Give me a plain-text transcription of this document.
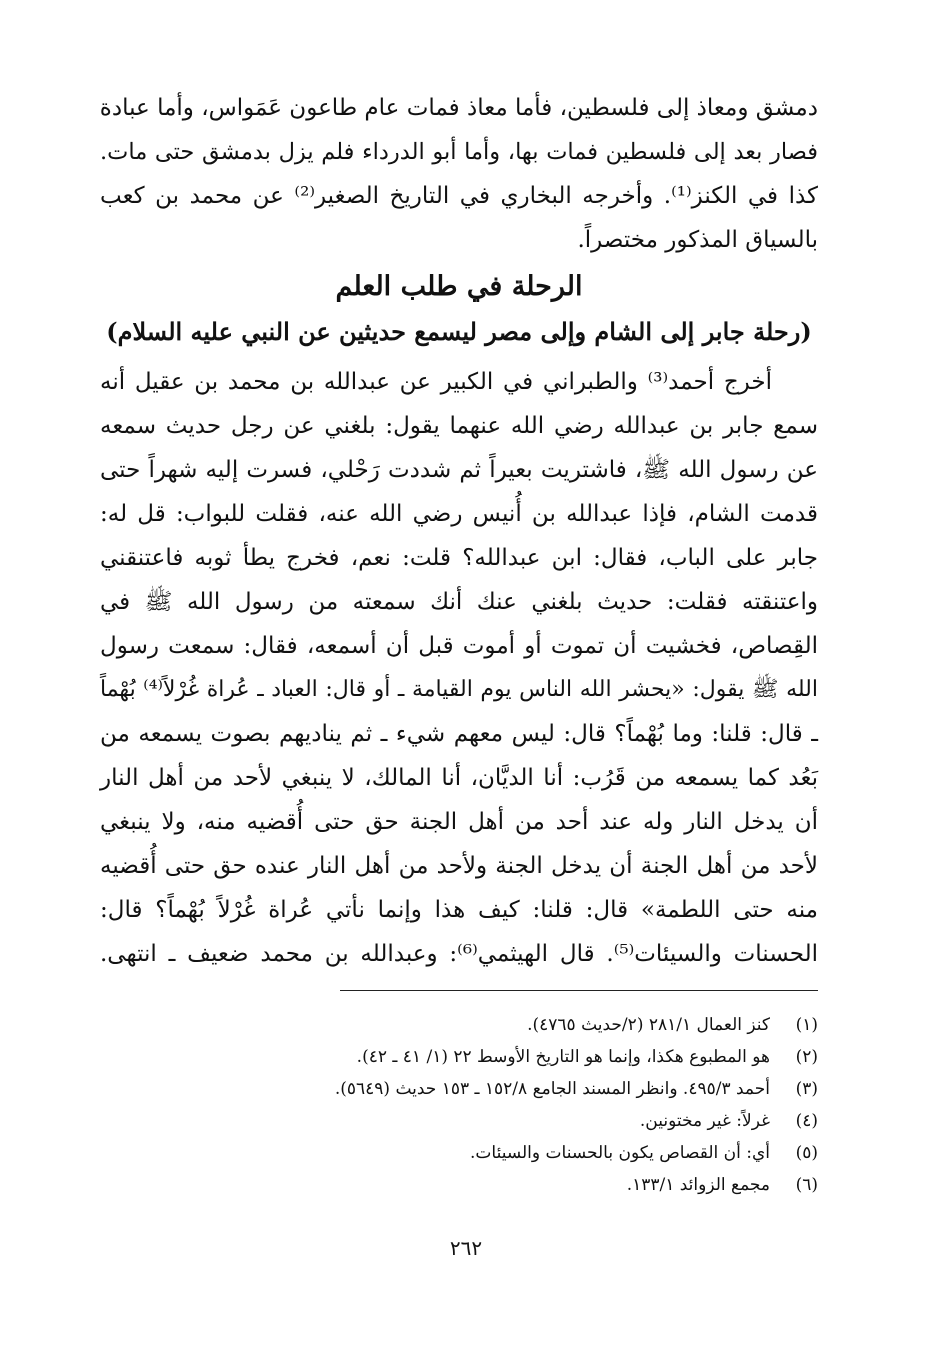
دمشق ومعاذ إلى فلسطين، فأما معاذ فمات عام طاعون عَمَواس، وأما عبادة
فصار بعد إلى فلسطين فمات بها، وأما أبو الدرداء فلم يزل بدمشق حتى مات.
كذا في الكنز⁽¹⁾. وأخرجه البخاري في التاريخ الصغير⁽²⁾ عن محمد بن كعب
بالسياق المذكور مختصراً.

الرحلة في طلب العلم
(رحلة جابر إلى الشام وإلى مصر ليسمع حديثين عن النبي عليه السلام)

أخرج أحمد⁽³⁾ والطبراني في الكبير عن عبدالله بن محمد بن عقيل أنه
سمع جابر بن عبدالله رضي الله عنهما يقول: بلغني عن رجل حديث سمعه
عن رسول الله ﷺ، فاشتريت بعيراً ثم شددت رَحْلي، فسرت إليه شهراً حتى
قدمت الشام، فإذا عبدالله بن أُنيس رضي الله عنه، فقلت للبواب: قل له:
جابر على الباب، فقال: ابن عبدالله؟ قلت: نعم، فخرج يطأ ثوبه فاعتنقني
واعتنقته فقلت: حديث بلغني عنك أنك سمعته من رسول الله ﷺ في
القِصاص، فخشيت أن تموت أو أموت قبل أن أسمعه، فقال: سمعت رسول
الله ﷺ يقول: «يحشر الله الناس يوم القيامة ـ أو قال: العباد ـ عُراة غُرْلاً⁽⁴⁾ بُهْماً
ـ قال: قلنا: وما بُهْماً؟ قال: ليس معهم شيء ـ ثم يناديهم بصوت يسمعه من
بَعُد كما يسمعه من قَرُب: أنا الديَّان، أنا المالك، لا ينبغي لأحد من أهل النار
أن يدخل النار وله عند أحد من أهل الجنة حق حتى أُقضيه منه، ولا ينبغي
لأحد من أهل الجنة أن يدخل الجنة ولأحد من أهل النار عنده حق حتى أُقضيه
منه حتى اللطمة» قال: قلنا: كيف هذا وإنما نأتي عُراة غُرْلاً بُهْماً؟ قال:
الحسنات والسيئات⁽⁵⁾. قال الهيثمي⁽⁶⁾: وعبدالله بن محمد ضعيف ـ انتهى.

(١)
كنز العمال ٢٨١/١ (٢/حديث ٤٧٦٥).
(٢)
هو المطبوع هكذا، وإنما هو التاريخ الأوسط ٢٢ (١/ ٤١ ـ ٤٢).
(٣)
أحمد ٤٩٥/٣. وانظر المسند الجامع ١٥٢/٨ ـ ١٥٣ حديث (٥٦٤٩).
(٤)
غرلاً: غير مختونين.
(٥)
أي: أن القصاص يكون بالحسنات والسيئات.
(٦)
مجمع الزوائد ١٣٣/١.
٢٦٢
